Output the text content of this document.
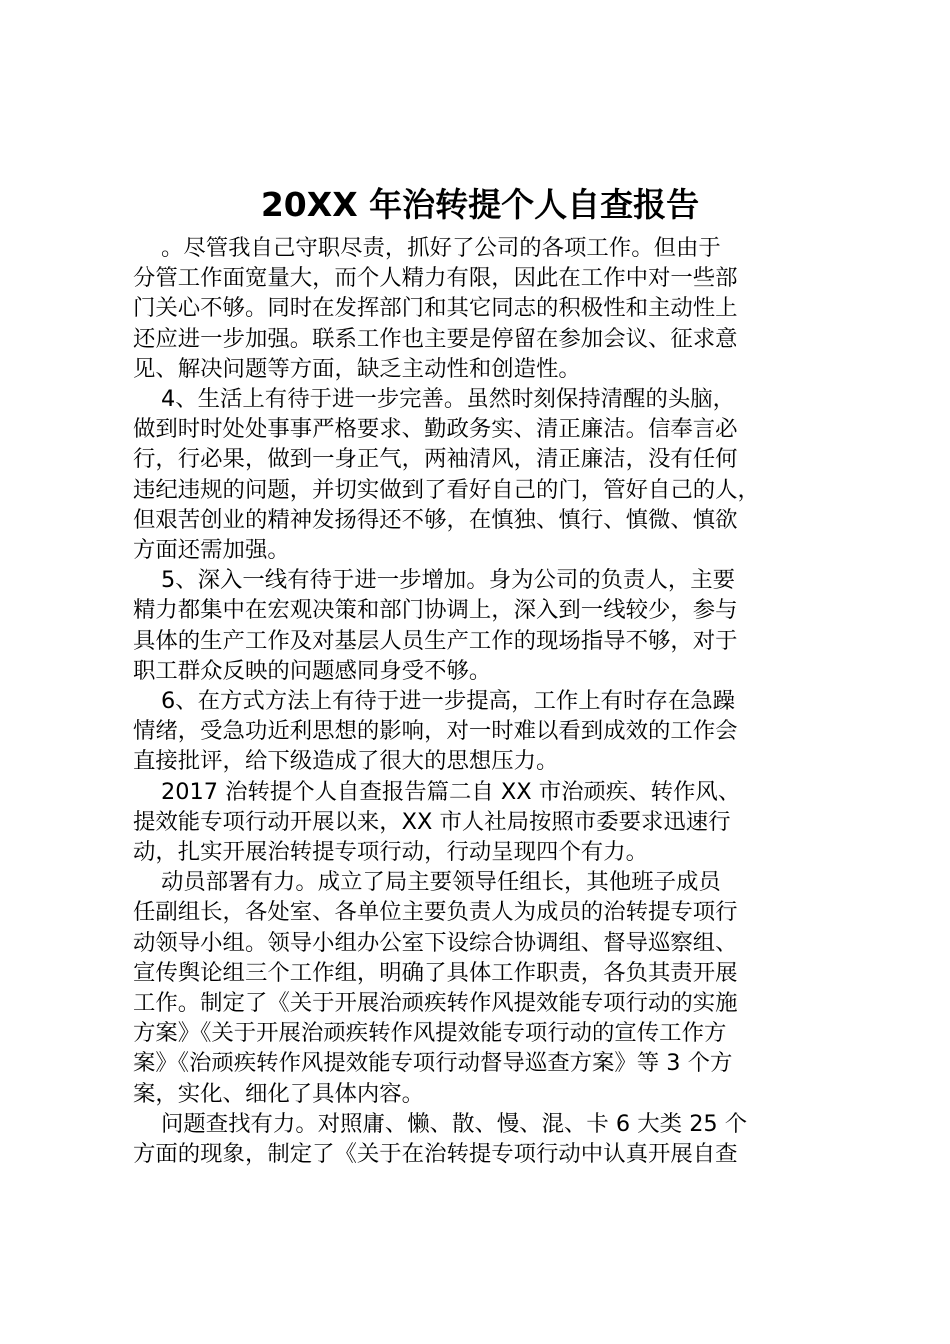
20XX 年治转提个人自查报告

。尽管我自己守职尽责，抓好了公司的各项工作。但由于
分管工作面宽量大，而个人精力有限，因此在工作中对一些部
门关心不够。同时在发挥部门和其它同志的积极性和主动性上
还应进一步加强。联系工作也主要是停留在参加会议、征求意
见、解决问题等方面，缺乏主动性和创造性。

4、生活上有待于进一步完善。虽然时刻保持清醒的头脑，
做到时时处处事事严格要求、勤政务实、清正廉洁。信奉言必
行，行必果，做到一身正气，两袖清风，清正廉洁，没有任何
违纪违规的问题，并切实做到了看好自己的门，管好自己的人，
但艰苦创业的精神发扬得还不够，在慎独、慎行、慎微、慎欲
方面还需加强。

5、深入一线有待于进一步增加。身为公司的负责人，主要
精力都集中在宏观决策和部门协调上，深入到一线较少，参与
具体的生产工作及对基层人员生产工作的现场指导不够，对于
职工群众反映的问题感同身受不够。

6、在方式方法上有待于进一步提高，工作上有时存在急躁
情绪，受急功近利思想的影响，对一时难以看到成效的工作会
直接批评，给下级造成了很大的思想压力。

2017 治转提个人自查报告篇二自 XX 市治顽疾、转作风、
提效能专项行动开展以来，XX 市人社局按照市委要求迅速行
动，扎实开展治转提专项行动，行动呈现四个有力。

动员部署有力。成立了局主要领导任组长，其他班子成员
任副组长，各处室、各单位主要负责人为成员的治转提专项行
动领导小组。领导小组办公室下设综合协调组、督导巡察组、
宣传舆论组三个工作组，明确了具体工作职责，各负其责开展
工作。制定了《关于开展治顽疾转作风提效能专项行动的实施
方案》《关于开展治顽疾转作风提效能专项行动的宣传工作方
案》《治顽疾转作风提效能专项行动督导巡查方案》等 3 个方
案，实化、细化了具体内容。

问题查找有力。对照庸、懒、散、慢、混、卡 6 大类 25 个
方面的现象，制定了《关于在治转提专项行动中认真开展自查
